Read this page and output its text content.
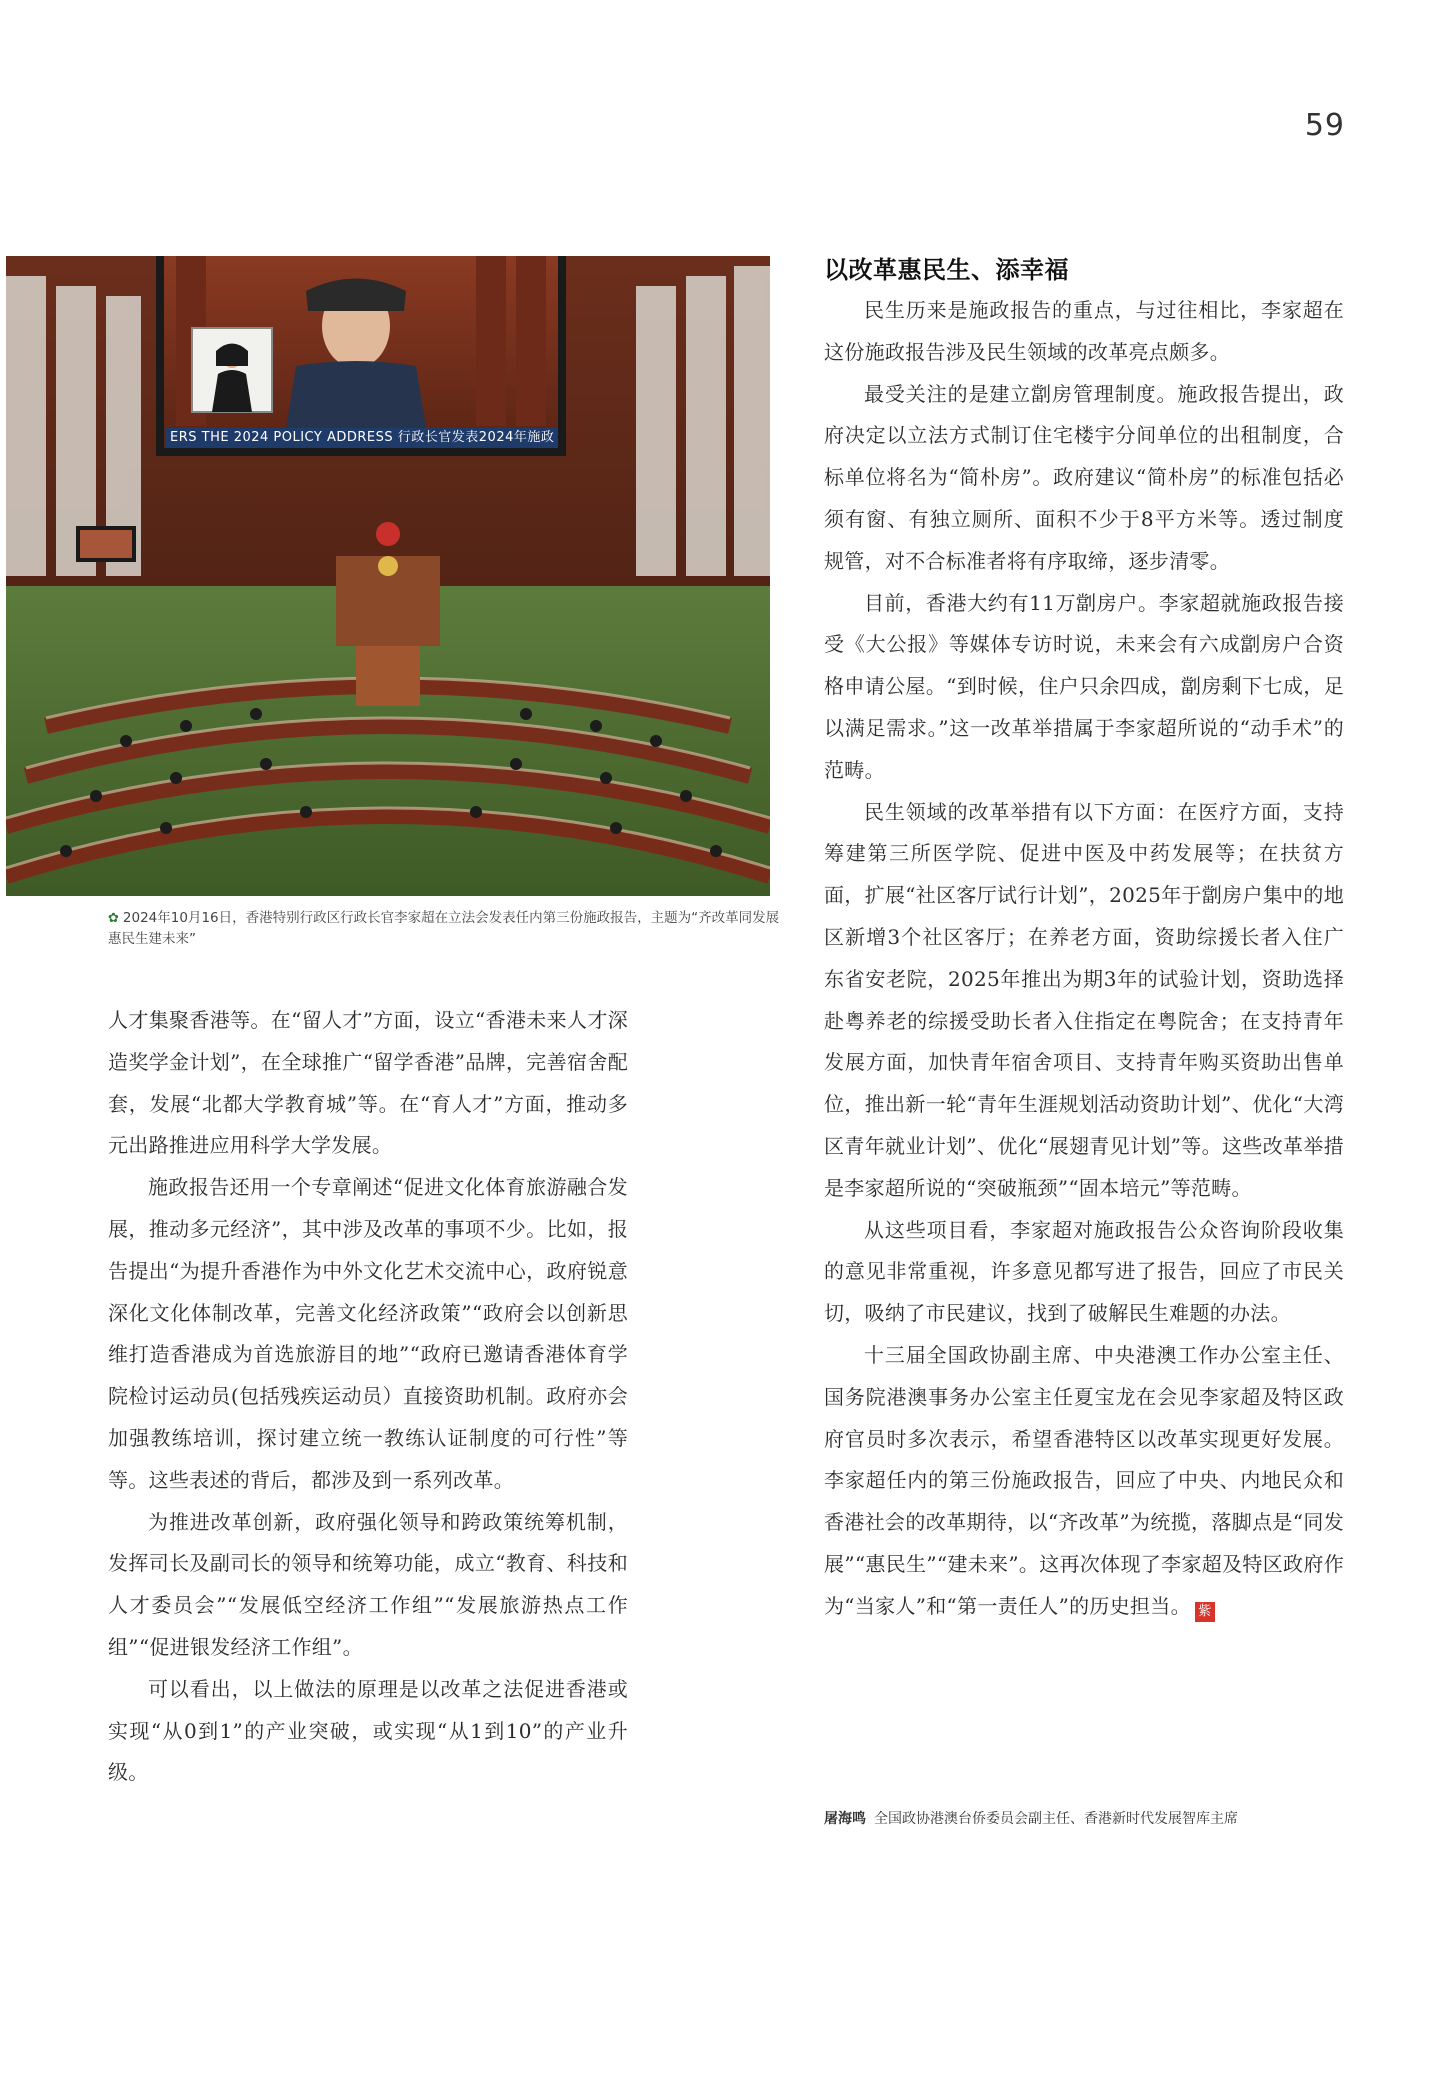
59
ERS THE 2024 POLICY ADDRESS 行政长官发表2024年施政
✿ 2024年10月16日，香港特别行政区行政长官李家超在立法会发表任内第三份施政报告，主题为“齐改革同发展 惠民生建未来”

人才集聚香港等。在“留人才”方面，设立“香港未来人才深造奖学金计划”，在全球推广“留学香港”品牌，完善宿舍配套，发展“北都大学教育城”等。在“育人才”方面，推动多元出路推进应用科学大学发展。

施政报告还用一个专章阐述“促进文化体育旅游融合发展，推动多元经济”，其中涉及改革的事项不少。比如，报告提出“为提升香港作为中外文化艺术交流中心，政府锐意深化文化体制改革，完善文化经济政策”“政府会以创新思维打造香港成为首选旅游目的地”“政府已邀请香港体育学院检讨运动员(包括残疾运动员）直接资助机制。政府亦会加强教练培训，探讨建立统一教练认证制度的可行性”等等。这些表述的背后，都涉及到一系列改革。

为推进改革创新，政府强化领导和跨政策统筹机制，发挥司长及副司长的领导和统筹功能，成立“教育、科技和人才委员会”“发展低空经济工作组”“发展旅游热点工作组”“促进银发经济工作组”。

可以看出，以上做法的原理是以改革之法促进香港或实现“从0到1”的产业突破，或实现“从1到10”的产业升级。

以改革惠民生、添幸福

民生历来是施政报告的重点，与过往相比，李家超在这份施政报告涉及民生领域的改革亮点颇多。

最受关注的是建立劏房管理制度。施政报告提出，政府决定以立法方式制订住宅楼宇分间单位的出租制度，合标单位将名为“简朴房”。政府建议“简朴房”的标准包括必须有窗、有独立厕所、面积不少于8平方米等。透过制度规管，对不合标准者将有序取缔，逐步清零。

目前，香港大约有11万劏房户。李家超就施政报告接受《大公报》等媒体专访时说，未来会有六成劏房户合资格申请公屋。“到时候，住户只余四成，劏房剩下七成，足以满足需求。”这一改革举措属于李家超所说的“动手术”的范畴。

民生领域的改革举措有以下方面：在医疗方面，支持筹建第三所医学院、促进中医及中药发展等；在扶贫方面，扩展“社区客厅试行计划”，2025年于劏房户集中的地区新增3个社区客厅；在养老方面，资助综援长者入住广东省安老院，2025年推出为期3年的试验计划，资助选择赴粤养老的综援受助长者入住指定在粤院舍；在支持青年发展方面，加快青年宿舍项目、支持青年购买资助出售单位，推出新一轮“青年生涯规划活动资助计划”、优化“大湾区青年就业计划”、优化“展翅青见计划”等。这些改革举措是李家超所说的“突破瓶颈”“固本培元”等范畴。

从这些项目看，李家超对施政报告公众咨询阶段收集的意见非常重视，许多意见都写进了报告，回应了市民关切，吸纳了市民建议，找到了破解民生难题的办法。

十三届全国政协副主席、中央港澳工作办公室主任、国务院港澳事务办公室主任夏宝龙在会见李家超及特区政府官员时多次表示，希望香港特区以改革实现更好发展。李家超任内的第三份施政报告，回应了中央、内地民众和香港社会的改革期待，以“齐改革”为统揽，落脚点是“同发展”“惠民生”“建未来”。这再次体现了李家超及特区政府作为“当家人”和“第一责任人”的历史担当。 紫

屠海鸣 全国政协港澳台侨委员会副主任、香港新时代发展智库主席
